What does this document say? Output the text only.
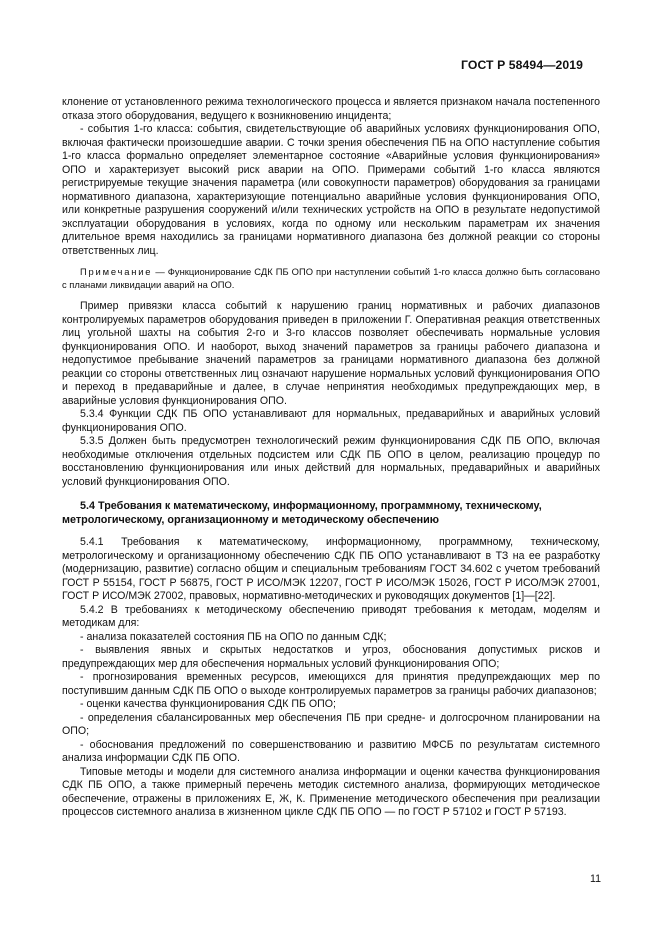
ГОСТ Р 58494—2019

клонение от установленного режима технологического процесса и является признаком начала постепенного отказа этого оборудования, ведущего к возникновению инцидента;

- события 1-го класса: события, свидетельствующие об аварийных условиях функционирования ОПО, включая фактически произошедшие аварии. С точки зрения обеспечения ПБ на ОПО наступление события 1-го класса формально определяет элементарное состояние «Аварийные условия функционирования» ОПО и характеризует высокий риск аварии на ОПО. Примерами событий 1-го класса являются регистрируемые текущие значения параметра (или совокупности параметров) оборудования за границами нормативного диапазона, характеризующие потенциально аварийные условия функционирования ОПО, или конкретные разрушения сооружений и/или технических устройств на ОПО в результате недопустимой эксплуатации оборудования в условиях, когда по одному или нескольким параметрам их значения длительное время находились за границами нормативного диапазона без должной реакции со стороны ответственных лиц.

Примечание — Функционирование СДК ПБ ОПО при наступлении событий 1-го класса должно быть согласовано с планами ликвидации аварий на ОПО.

Пример привязки класса событий к нарушению границ нормативных и рабочих диапазонов контролируемых параметров оборудования приведен в приложении Г. Оперативная реакция ответственных лиц угольной шахты на события 2-го и 3-го классов позволяет обеспечивать нормальные условия функционирования ОПО. И наоборот, выход значений параметров за границы рабочего диапазона и недопустимое пребывание значений параметров за границами нормативного диапазона без должной реакции со стороны ответственных лиц означают нарушение нормальных условий функционирования ОПО и переход в предаварийные и далее, в случае непринятия необходимых предупреждающих мер, в аварийные условия функционирования ОПО.

5.3.4 Функции СДК ПБ ОПО устанавливают для нормальных, предаварийных и аварийных условий функционирования ОПО.

5.3.5 Должен быть предусмотрен технологический режим функционирования СДК ПБ ОПО, включая необходимые отключения отдельных подсистем или СДК ПБ ОПО в целом, реализацию процедур по восстановлению функционирования или иных действий для нормальных, предаварийных и аварийных условий функционирования ОПО.

5.4 Требования к математическому, информационному, программному, техническому, метрологическому, организационному и методическому обеспечению

5.4.1 Требования к математическому, информационному, программному, техническому, метрологическому и организационному обеспечению СДК ПБ ОПО устанавливают в ТЗ на ее разработку (модернизацию, развитие) согласно общим и специальным требованиям ГОСТ 34.602 с учетом требований ГОСТ Р 55154, ГОСТ Р 56875, ГОСТ Р ИСО/МЭК 12207, ГОСТ Р ИСО/МЭК 15026, ГОСТ Р ИСО/МЭК 27001, ГОСТ Р ИСО/МЭК 27002, правовых, нормативно-методических и руководящих документов [1]—[22].

5.4.2 В требованиях к методическому обеспечению приводят требования к методам, моделям и методикам для:

- анализа показателей состояния ПБ на ОПО по данным СДК;

- выявления явных и скрытых недостатков и угроз, обоснования допустимых рисков и предупреждающих мер для обеспечения нормальных условий функционирования ОПО;

- прогнозирования временных ресурсов, имеющихся для принятия предупреждающих мер по поступившим данным СДК ПБ ОПО о выходе контролируемых параметров за границы рабочих диапазонов;

- оценки качества функционирования СДК ПБ ОПО;

- определения сбалансированных мер обеспечения ПБ при средне- и долгосрочном планировании на ОПО;

- обоснования предложений по совершенствованию и развитию МФСБ по результатам системного анализа информации СДК ПБ ОПО.

Типовые методы и модели для системного анализа информации и оценки качества функционирования СДК ПБ ОПО, а также примерный перечень методик системного анализа, формирующих методическое обеспечение, отражены в приложениях Е, Ж, К. Применение методического обеспечения при реализации процессов системного анализа в жизненном цикле СДК ПБ ОПО — по ГОСТ Р 57102 и ГОСТ Р 57193.

11
